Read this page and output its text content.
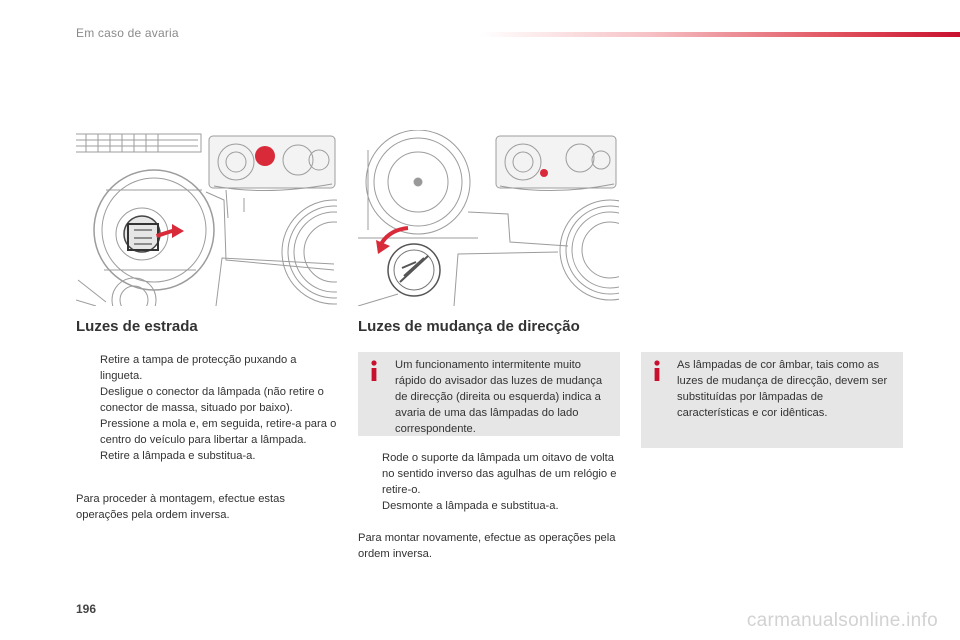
Em caso de avaria
Luzes de estrada
Retire a tampa de protecção puxando a lingueta.
Desligue o conector da lâmpada (não retire o conector de massa, situado por baixo).
Pressione a mola e, em seguida, retire-a para o centro do veículo para libertar a lâmpada.
Retire a lâmpada e substitua-a.

Para proceder à montagem, efectue estas operações pela ordem inversa.

Luzes de mudança de direcção
Um funcionamento intermitente muito rápido do avisador das luzes de mudança de direcção (direita ou esquerda) indica a avaria de uma das lâmpadas do lado correspondente.
Rode o suporte da lâmpada um oitavo de volta no sentido inverso das agulhas de um relógio e retire-o.
Desmonte a lâmpada e substitua-a.

Para montar novamente, efectue as operações pela ordem inversa.

As lâmpadas de cor âmbar, tais como as luzes de mudança de direcção, devem ser substituídas por lâmpadas de características e cor idênticas.
196
carmanualsonline.info
